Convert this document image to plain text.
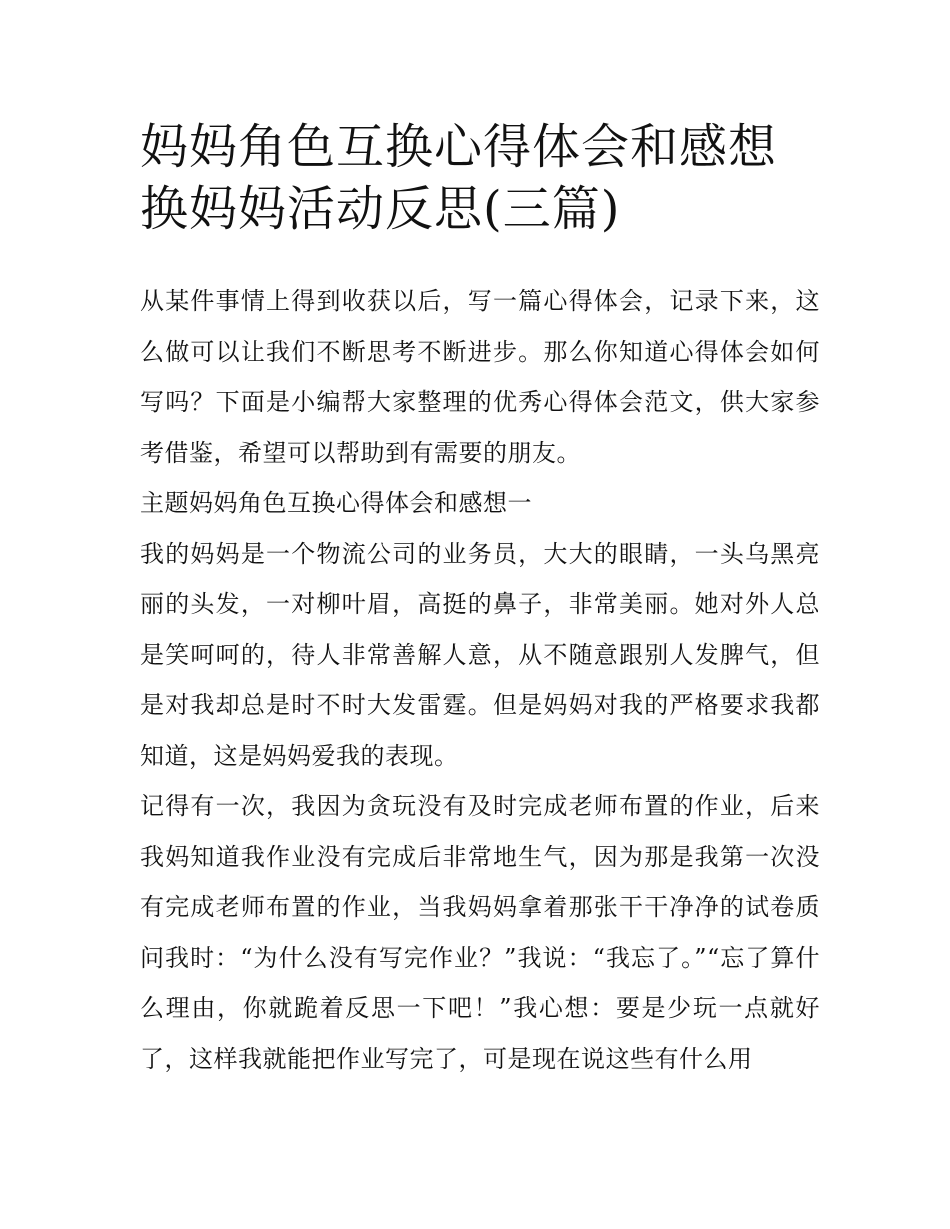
妈妈角色互换心得体会和感想换妈妈活动反思(三篇)

从某件事情上得到收获以后，写一篇心得体会，记录下来，这么做可以让我们不断思考不断进步。那么你知道心得体会如何写吗？下面是小编帮大家整理的优秀心得体会范文，供大家参考借鉴，希望可以帮助到有需要的朋友。

主题妈妈角色互换心得体会和感想一

我的妈妈是一个物流公司的业务员，大大的眼睛，一头乌黑亮丽的头发，一对柳叶眉，高挺的鼻子，非常美丽。她对外人总是笑呵呵的，待人非常善解人意，从不随意跟别人发脾气，但是对我却总是时不时大发雷霆。但是妈妈对我的严格要求我都知道，这是妈妈爱我的表现。

记得有一次，我因为贪玩没有及时完成老师布置的作业，后来我妈知道我作业没有完成后非常地生气，因为那是我第一次没有完成老师布置的作业，当我妈妈拿着那张干干净净的试卷质问我时：“为什么没有写完作业？”我说：“我忘了。”“忘了算什么理由，你就跪着反思一下吧！”我心想：要是少玩一点就好了，这样我就能把作业写完了，可是现在说这些有什么用
